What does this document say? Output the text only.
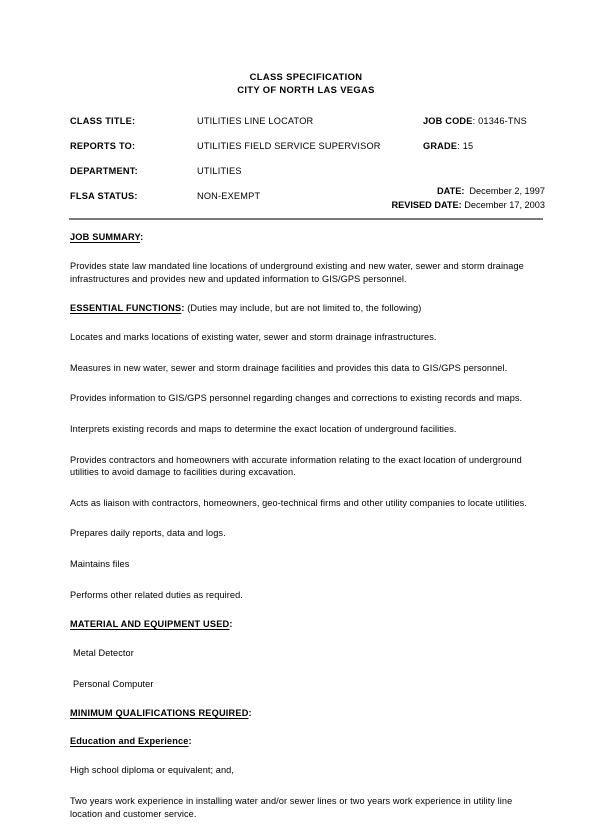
CLASS SPECIFICATION
CITY OF NORTH LAS VEGAS
CLASS TITLE:	UTILITIES LINE LOCATOR	JOB CODE: 01346-TNS
REPORTS TO:	UTILITIES FIELD SERVICE SUPERVISOR	GRADE: 15
DEPARTMENT:	UTILITIES
FLSA STATUS:	NON-EXEMPT	DATE: December 2, 1997
REVISED DATE: December 17, 2003
JOB SUMMARY:
Provides state law mandated line locations of underground existing and new water, sewer and storm drainage infrastructures and provides new and updated information to GIS/GPS personnel.
ESSENTIAL FUNCTIONS: (Duties may include, but are not limited to, the following)
Locates and marks locations of existing water, sewer and storm drainage infrastructures.
Measures in new water, sewer and storm drainage facilities and provides this data to GIS/GPS personnel.
Provides information to GIS/GPS personnel regarding changes and corrections to existing records and maps.
Interprets existing records and maps to determine the exact location of underground facilities.
Provides contractors and homeowners with accurate information relating to the exact location of underground utilities to avoid damage to facilities during excavation.
Acts as liaison with contractors, homeowners, geo-technical firms and other utility companies to locate utilities.
Prepares daily reports, data and logs.
Maintains files
Performs other related duties as required.
MATERIAL AND EQUIPMENT USED:
Metal Detector
Personal Computer
MINIMUM QUALIFICATIONS REQUIRED:
Education and Experience:
High school diploma or equivalent; and,
Two years work experience in installing water and/or sewer lines or two years work experience in utility line location and customer service.
